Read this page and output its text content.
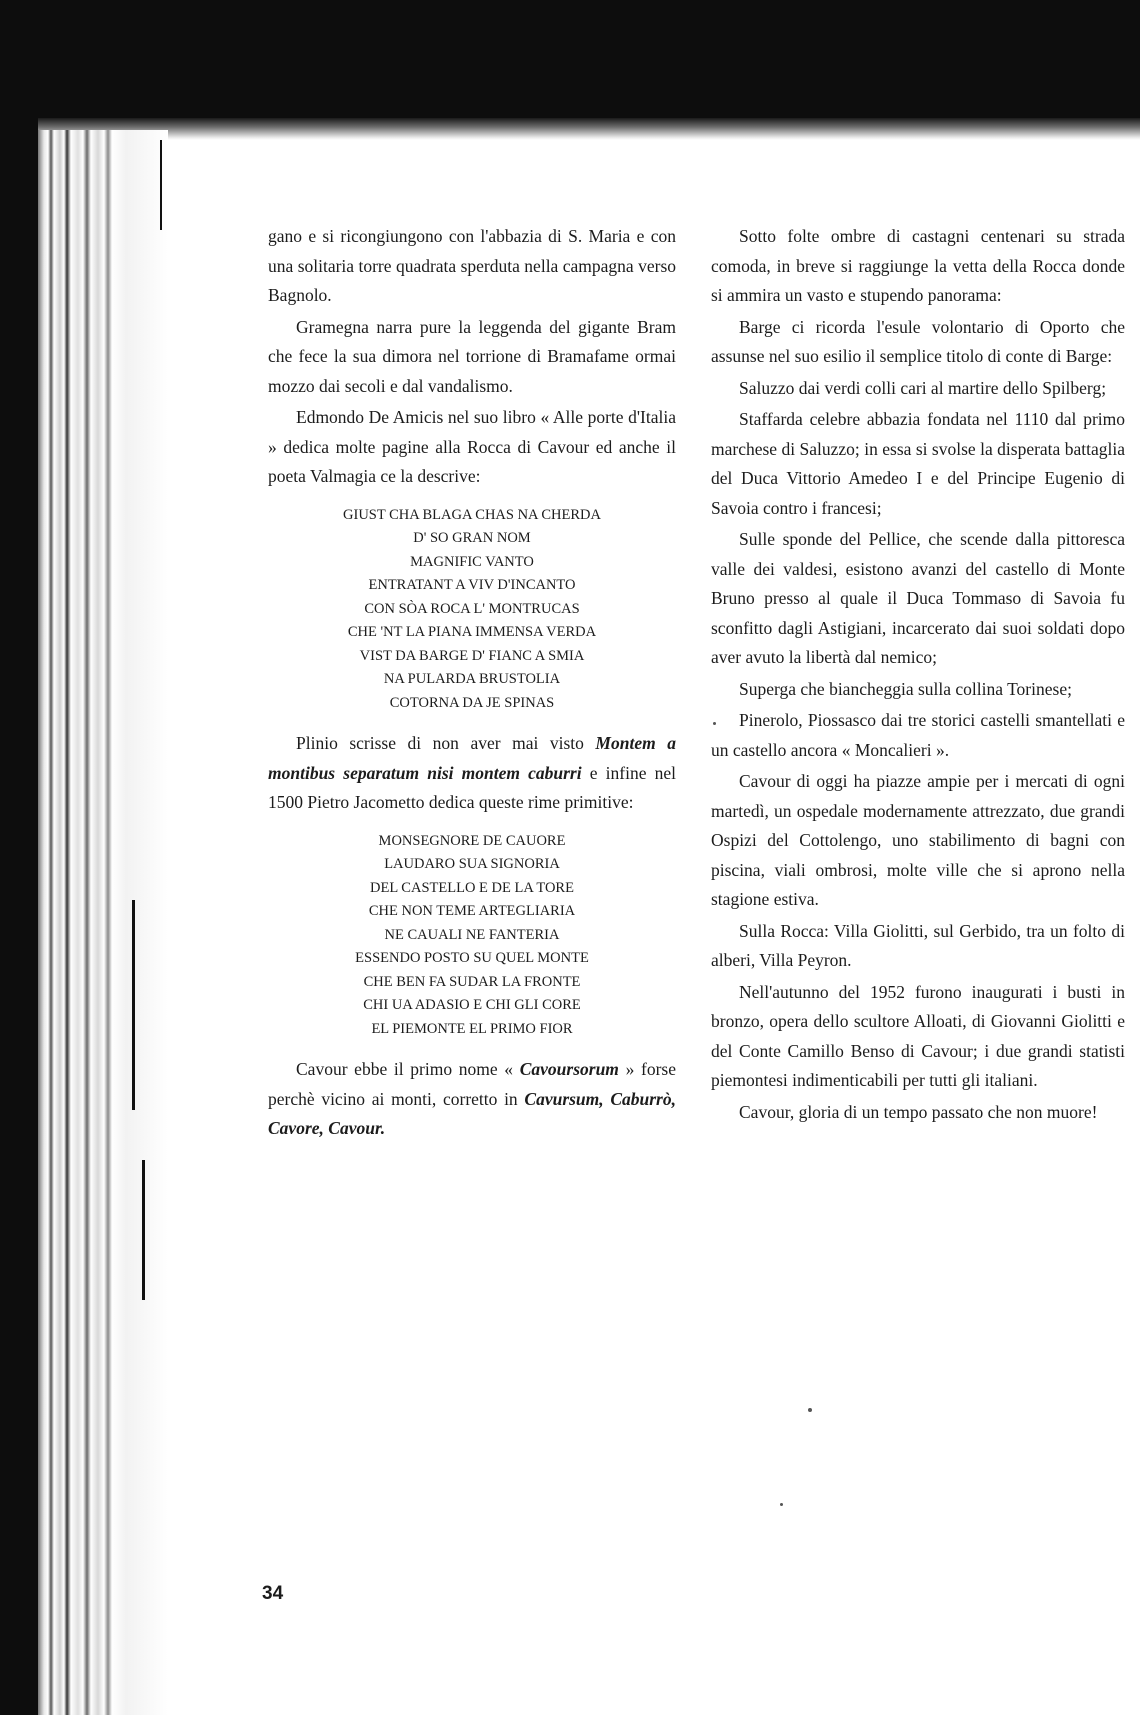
gano e si ricongiungono con l'abbazia di S. Maria e con una solitaria torre quadrata sperduta nella campagna verso Bagnolo.

Gramegna narra pure la leggenda del gigante Bram che fece la sua dimora nel torrione di Bramafame ormai mozzo dai secoli e dal vandalismo.

Edmondo De Amicis nel suo libro « Alle porte d'Italia » dedica molte pagine alla Rocca di Cavour ed anche il poeta Valmagia ce la descrive:

GIUST CHA BLAGA CHAS NA CHERDA
D' SO GRAN NOM
MAGNIFIC VANTO
ENTRATANT A VIV D'INCANTO
CON SÒA ROCA L' MONTRUCAS
CHE 'NT LA PIANA IMMENSA VERDA
VIST DA BARGE D' FIANC A SMIA
NA PULARDA BRUSTOLIA
COTORNA DA JE SPINAS

Plinio scrisse di non aver mai visto Montem a montibus separatum nisi montem caburri e infine nel 1500 Pietro Jacometto dedica queste rime primitive:

MONSEGNORE DE CAUORE
LAUDARO SUA SIGNORIA
DEL CASTELLO E DE LA TORE
CHE NON TEME ARTEGLIARIA
NE CAUALI NE FANTERIA
ESSENDO POSTO SU QUEL MONTE
CHE BEN FA SUDAR LA FRONTE
CHI UA ADASIO E CHI GLI CORE
EL PIEMONTE EL PRIMO FIOR

Cavour ebbe il primo nome « Cavoursorum » forse perchè vicino ai monti, corretto in Cavursum, Caburrò, Cavore, Cavour.

Sotto folte ombre di castagni centenari su strada comoda, in breve si raggiunge la vetta della Rocca donde si ammira un vasto e stupendo panorama:

Barge ci ricorda l'esule volontario di Oporto che assunse nel suo esilio il semplice titolo di conte di Barge:

Saluzzo dai verdi colli cari al martire dello Spilberg;

Staffarda celebre abbazia fondata nel 1110 dal primo marchese di Saluzzo; in essa si svolse la disperata battaglia del Duca Vittorio Amedeo I e del Principe Eugenio di Savoia contro i francesi;

Sulle sponde del Pellice, che scende dalla pittoresca valle dei valdesi, esistono avanzi del castello di Monte Bruno presso al quale il Duca Tommaso di Savoia fu sconfitto dagli Astigiani, incarcerato dai suoi soldati dopo aver avuto la libertà dal nemico;

Superga che biancheggia sulla collina Torinese;

Pinerolo, Piossasco dai tre storici castelli smantellati e un castello ancora « Moncalieri ».

Cavour di oggi ha piazze ampie per i mercati di ogni martedì, un ospedale modernamente attrezzato, due grandi Ospizi del Cottolengo, uno stabilimento di bagni con piscina, viali ombrosi, molte ville che si aprono nella stagione estiva.

Sulla Rocca: Villa Giolitti, sul Gerbido, tra un folto di alberi, Villa Peyron.

Nell'autunno del 1952 furono inaugurati i busti in bronzo, opera dello scultore Alloati, di Giovanni Giolitti e del Conte Camillo Benso di Cavour; i due grandi statisti piemontesi indimenticabili per tutti gli italiani.

Cavour, gloria di un tempo passato che non muore!

34
